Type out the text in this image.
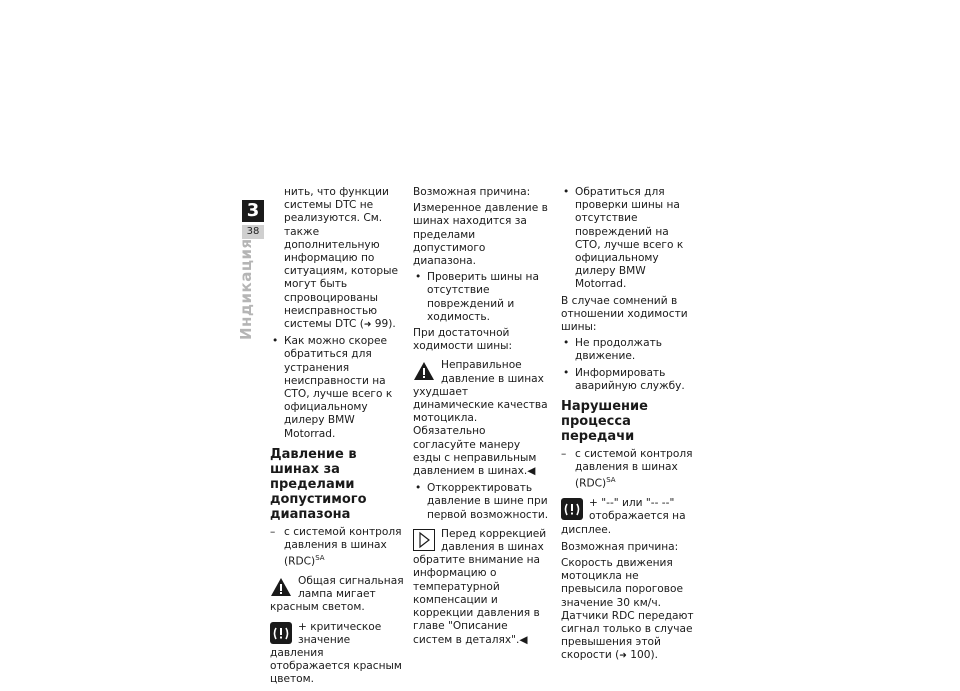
3
38
Индикация

нить, что функции системы DTC не реализуются. См. также дополнительную информацию по ситуациям, которые могут быть спровоцированы неисправностью системы DTC (➜ 99).

• Как можно скорее обратиться для устранения неисправности на СТО, лучше всего к официальному дилеру BMW Motorrad.

Давление в шинах за пределами допустимого диапазона

– с системой контроля давления в шинах (RDC)$^{SA}$

Общая сигнальная лампа мигает красным светом.
+ критическое значение давления отображается красным цветом.

Возможная причина:

Измеренное давление в шинах находится за пределами допустимого диапазона.

• Проверить шины на отсутствие повреждений и ходимость.

При достаточной ходимости шины:

Неправильное давление в шинах ухудшает динамические качества мотоцикла. Обязательно согласуйте манеру езды с неправильным давлением в шинах.◀

• Откорректировать давление в шине при первой возможности.

Перед коррекцией давления в шинах обратите внимание на информацию о температурной компенсации и коррекции давления в главе "Описание систем в деталях".◀

• Обратиться для проверки шины на отсутствие повреждений на СТО, лучше всего к официальному дилеру BMW Motorrad.

В случае сомнений в отношении ходимости шины:

• Не продолжать движение.

• Информировать аварийную службу.

Нарушение процесса передачи

– с системой контроля давления в шинах (RDC)$^{SA}$

+ "--" или "-- --" отображается на дисплее.

Возможная причина:

Скорость движения мотоцикла не превысила пороговое значение 30 км/ч. Датчики RDC передают сигнал только в случае превышения этой скорости (➜ 100).
